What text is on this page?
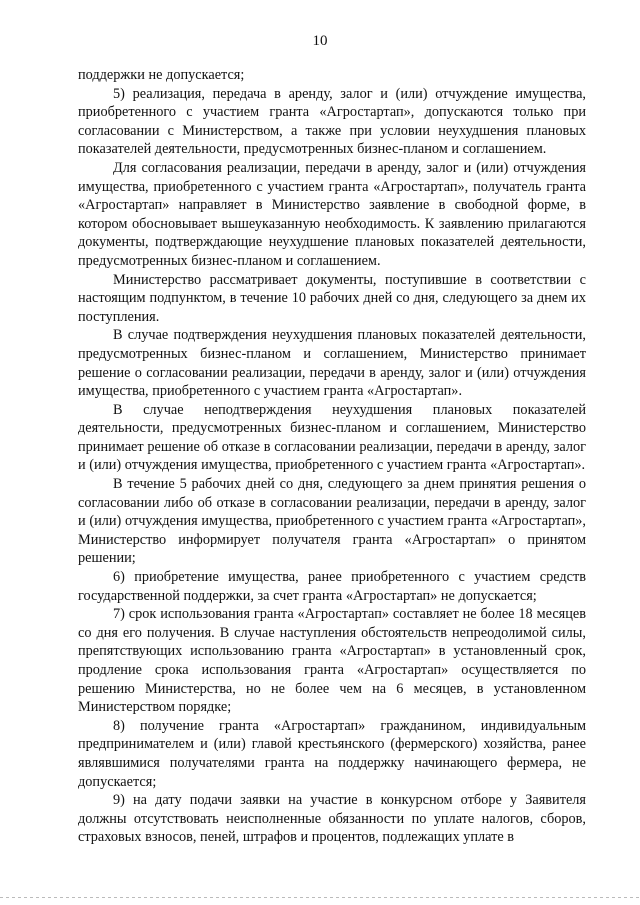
10

поддержки не допускается;

5) реализация, передача в аренду, залог и (или) отчуждение имущества, приобретенного с участием гранта «Агростартап», допускаются только при согласовании с Министерством, а также при условии неухудшения плановых показателей деятельности, предусмотренных бизнес-планом и соглашением.

Для согласования реализации, передачи в аренду, залог и (или) отчуждения имущества, приобретенного с участием гранта «Агростартап», получатель гранта «Агростартап» направляет в Министерство заявление в свободной форме, в котором обосновывает вышеуказанную необходимость. К заявлению прилагаются документы, подтверждающие неухудшение плановых показателей деятельности, предусмотренных бизнес-планом и соглашением.

Министерство рассматривает документы, поступившие в соответствии с настоящим подпунктом, в течение 10 рабочих дней со дня, следующего за днем их поступления.

В случае подтверждения неухудшения плановых показателей деятельности, предусмотренных бизнес-планом и соглашением, Министерство принимает решение о согласовании реализации, передачи в аренду, залог и (или) отчуждения имущества, приобретенного с участием гранта «Агростартап».

В случае неподтверждения неухудшения плановых показателей деятельности, предусмотренных бизнес-планом и соглашением, Министерство принимает решение об отказе в согласовании реализации, передачи в аренду, залог и (или) отчуждения имущества, приобретенного с участием гранта «Агростартап».

В течение 5 рабочих дней со дня, следующего за днем принятия решения о согласовании либо об отказе в согласовании реализации, передачи в аренду, залог и (или) отчуждения имущества, приобретенного с участием гранта «Агростартап», Министерство информирует получателя гранта «Агростартап» о принятом решении;

6) приобретение имущества, ранее приобретенного с участием средств государственной поддержки, за счет гранта «Агростартап» не допускается;

7) срок использования гранта «Агростартап» составляет не более 18 месяцев со дня его получения. В случае наступления обстоятельств непреодолимой силы, препятствующих использованию гранта «Агростартап» в установленный срок, продление срока использования гранта «Агростартап» осуществляется по решению Министерства, но не более чем на 6 месяцев, в установленном Министерством порядке;

8) получение гранта «Агростартап» гражданином, индивидуальным предпринимателем и (или) главой крестьянского (фермерского) хозяйства, ранее являвшимися получателями гранта на поддержку начинающего фермера, не допускается;

9) на дату подачи заявки на участие в конкурсном отборе у Заявителя должны отсутствовать неисполненные обязанности по уплате налогов, сборов, страховых взносов, пеней, штрафов и процентов, подлежащих уплате в
